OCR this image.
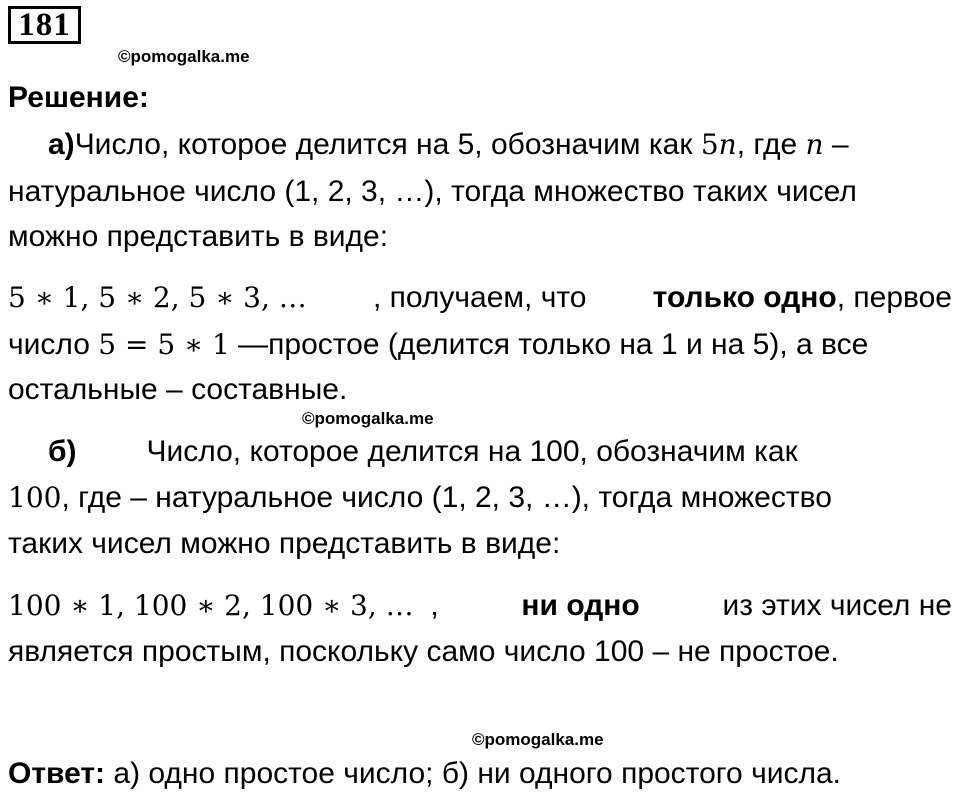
181
©pomogalka.me
Решение:
а)Число, которое делится на 5, обозначим как 5n, где n –
натуральное число (1, 2, 3, …), тогда множество таких чисел
можно представить в виде:
5 ∗ 1, 5 ∗ 2, 5 ∗ 3, … , получаем, что только одно, первое
число 5 = 5 ∗ 1 —простое (делится только на 1 и на 5), а все
остальные – составные.
©pomogalka.me
б) Число, которое делится на 100, обозначим как
100, где – натуральное число (1, 2, 3, …), тогда множество
таких чисел можно представить в виде:
100 ∗ 1, 100 ∗ 2, 100 ∗ 3, … ,	ни одно	из этих чисел не
является простым, поскольку само число 100 – не простое.
©pomogalka.me
Ответ: а) одно простое число; б) ни одного простого числа.
